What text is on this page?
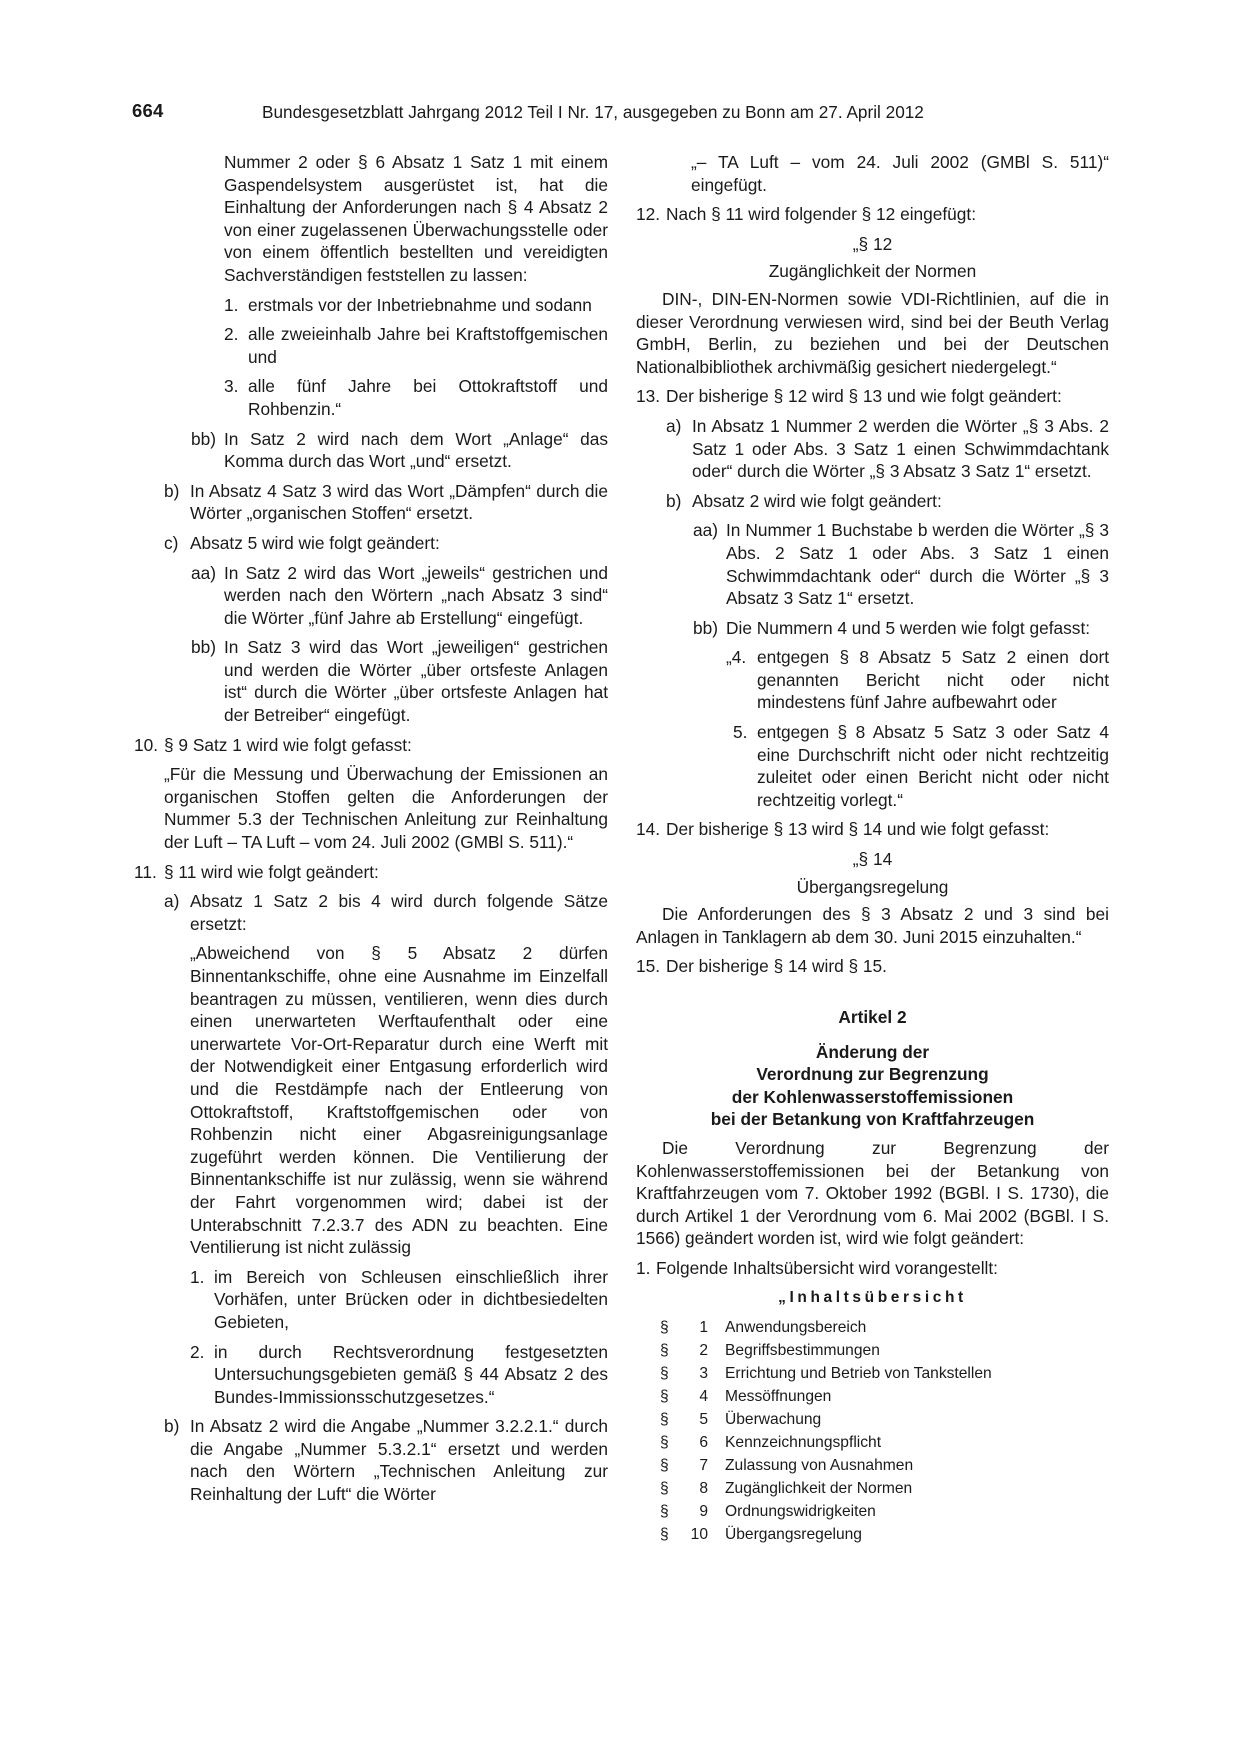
664	Bundesgesetzblatt Jahrgang 2012 Teil I Nr. 17, ausgegeben zu Bonn am 27. April 2012
Nummer 2 oder § 6 Absatz 1 Satz 1 mit einem Gaspendelsystem ausgerüstet ist, hat die Einhaltung der Anforderungen nach § 4 Absatz 2 von einer zugelassenen Überwachungsstelle oder von einem öffentlich bestellten und vereidigten Sachverständigen feststellen zu lassen:
1. erstmals vor der Inbetriebnahme und sodann
2. alle zweieinhalb Jahre bei Kraftstoffgemischen und
3. alle fünf Jahre bei Ottokraftstoff und Rohbenzin.“
bb) In Satz 2 wird nach dem Wort „Anlage“ das Komma durch das Wort „und“ ersetzt.
b) In Absatz 4 Satz 3 wird das Wort „Dämpfen“ durch die Wörter „organischen Stoffen“ ersetzt.
c) Absatz 5 wird wie folgt geändert:
aa) In Satz 2 wird das Wort „jeweils“ gestrichen und werden nach den Wörtern „nach Absatz 3 sind“ die Wörter „fünf Jahre ab Erstellung“ eingefügt.
bb) In Satz 3 wird das Wort „jeweiligen“ gestrichen und werden die Wörter „über ortsfeste Anlagen ist“ durch die Wörter „über ortsfeste Anlagen hat der Betreiber“ eingefügt.
10. § 9 Satz 1 wird wie folgt gefasst:
„Für die Messung und Überwachung der Emissionen an organischen Stoffen gelten die Anforderungen der Nummer 5.3 der Technischen Anleitung zur Reinhaltung der Luft – TA Luft – vom 24. Juli 2002 (GMBl S. 511).“
11. § 11 wird wie folgt geändert:
a) Absatz 1 Satz 2 bis 4 wird durch folgende Sätze ersetzt:
„Abweichend von § 5 Absatz 2 dürfen Binnentankschiffe, ohne eine Ausnahme im Einzelfall beantragen zu müssen, ventilieren, wenn dies durch einen unerwarteten Werftaufenthalt oder eine unerwartete Vor-Ort-Reparatur durch eine Werft mit der Notwendigkeit einer Entgasung erforderlich wird und die Restdämpfe nach der Entleerung von Ottokraftstoff, Kraftstoffgemischen oder von Rohbenzin nicht einer Abgasreinigungsanlage zugeführt werden können. Die Ventilierung der Binnentankschiffe ist nur zulässig, wenn sie während der Fahrt vorgenommen wird; dabei ist der Unterabschnitt 7.2.3.7 des ADN zu beachten. Eine Ventilierung ist nicht zulässig
1. im Bereich von Schleusen einschließlich ihrer Vorhäfen, unter Brücken oder in dichtbesiedelten Gebieten,
2. in durch Rechtsverordnung festgesetzten Untersuchungsgebieten gemäß § 44 Absatz 2 des Bundes-Immissionsschutzgesetzes.“
b) In Absatz 2 wird die Angabe „Nummer 3.2.2.1.“ durch die Angabe „Nummer 5.3.2.1“ ersetzt und werden nach den Wörtern „Technischen Anleitung zur Reinhaltung der Luft“ die Wörter
„– TA Luft – vom 24. Juli 2002 (GMBl S. 511)“ eingefügt.
12. Nach § 11 wird folgender § 12 eingefügt:
„§ 12
Zugänglichkeit der Normen
DIN-, DIN-EN-Normen sowie VDI-Richtlinien, auf die in dieser Verordnung verwiesen wird, sind bei der Beuth Verlag GmbH, Berlin, zu beziehen und bei der Deutschen Nationalbibliothek archivmäßig gesichert niedergelegt.“
13. Der bisherige § 12 wird § 13 und wie folgt geändert:
a) In Absatz 1 Nummer 2 werden die Wörter „§ 3 Abs. 2 Satz 1 oder Abs. 3 Satz 1 einen Schwimmdachtank oder“ durch die Wörter „§ 3 Absatz 3 Satz 1“ ersetzt.
b) Absatz 2 wird wie folgt geändert:
aa) In Nummer 1 Buchstabe b werden die Wörter „§ 3 Abs. 2 Satz 1 oder Abs. 3 Satz 1 einen Schwimmdachtank oder“ durch die Wörter „§ 3 Absatz 3 Satz 1“ ersetzt.
bb) Die Nummern 4 und 5 werden wie folgt gefasst:
„4. entgegen § 8 Absatz 5 Satz 2 einen dort genannten Bericht nicht oder nicht mindestens fünf Jahre aufbewahrt oder
5. entgegen § 8 Absatz 5 Satz 3 oder Satz 4 eine Durchschrift nicht oder nicht rechtzeitig zuleitet oder einen Bericht nicht oder nicht rechtzeitig vorlegt.“
14. Der bisherige § 13 wird § 14 und wie folgt gefasst:
„§ 14
Übergangsregelung
Die Anforderungen des § 3 Absatz 2 und 3 sind bei Anlagen in Tanklagern ab dem 30. Juni 2015 einzuhalten.“
15. Der bisherige § 14 wird § 15.
Artikel 2
Änderung der
Verordnung zur Begrenzung
der Kohlenwasserstoffemissionen
bei der Betankung von Kraftfahrzeugen
Die Verordnung zur Begrenzung der Kohlenwasserstoffemissionen bei der Betankung von Kraftfahrzeugen vom 7. Oktober 1992 (BGBl. I S. 1730), die durch Artikel 1 der Verordnung vom 6. Mai 2002 (BGBl. I S. 1566) geändert worden ist, wird wie folgt geändert:
1. Folgende Inhaltsübersicht wird vorangestellt:
„Inhaltsübersicht
§	1 Anwendungsbereich
§	2 Begriffsbestimmungen
§	3 Errichtung und Betrieb von Tankstellen
§	4 Messöffnungen
§	5 Überwachung
§	6 Kennzeichnungspflicht
§	7 Zulassung von Ausnahmen
§	8 Zugänglichkeit der Normen
§	9 Ordnungswidrigkeiten
§	10 Übergangsregelung
